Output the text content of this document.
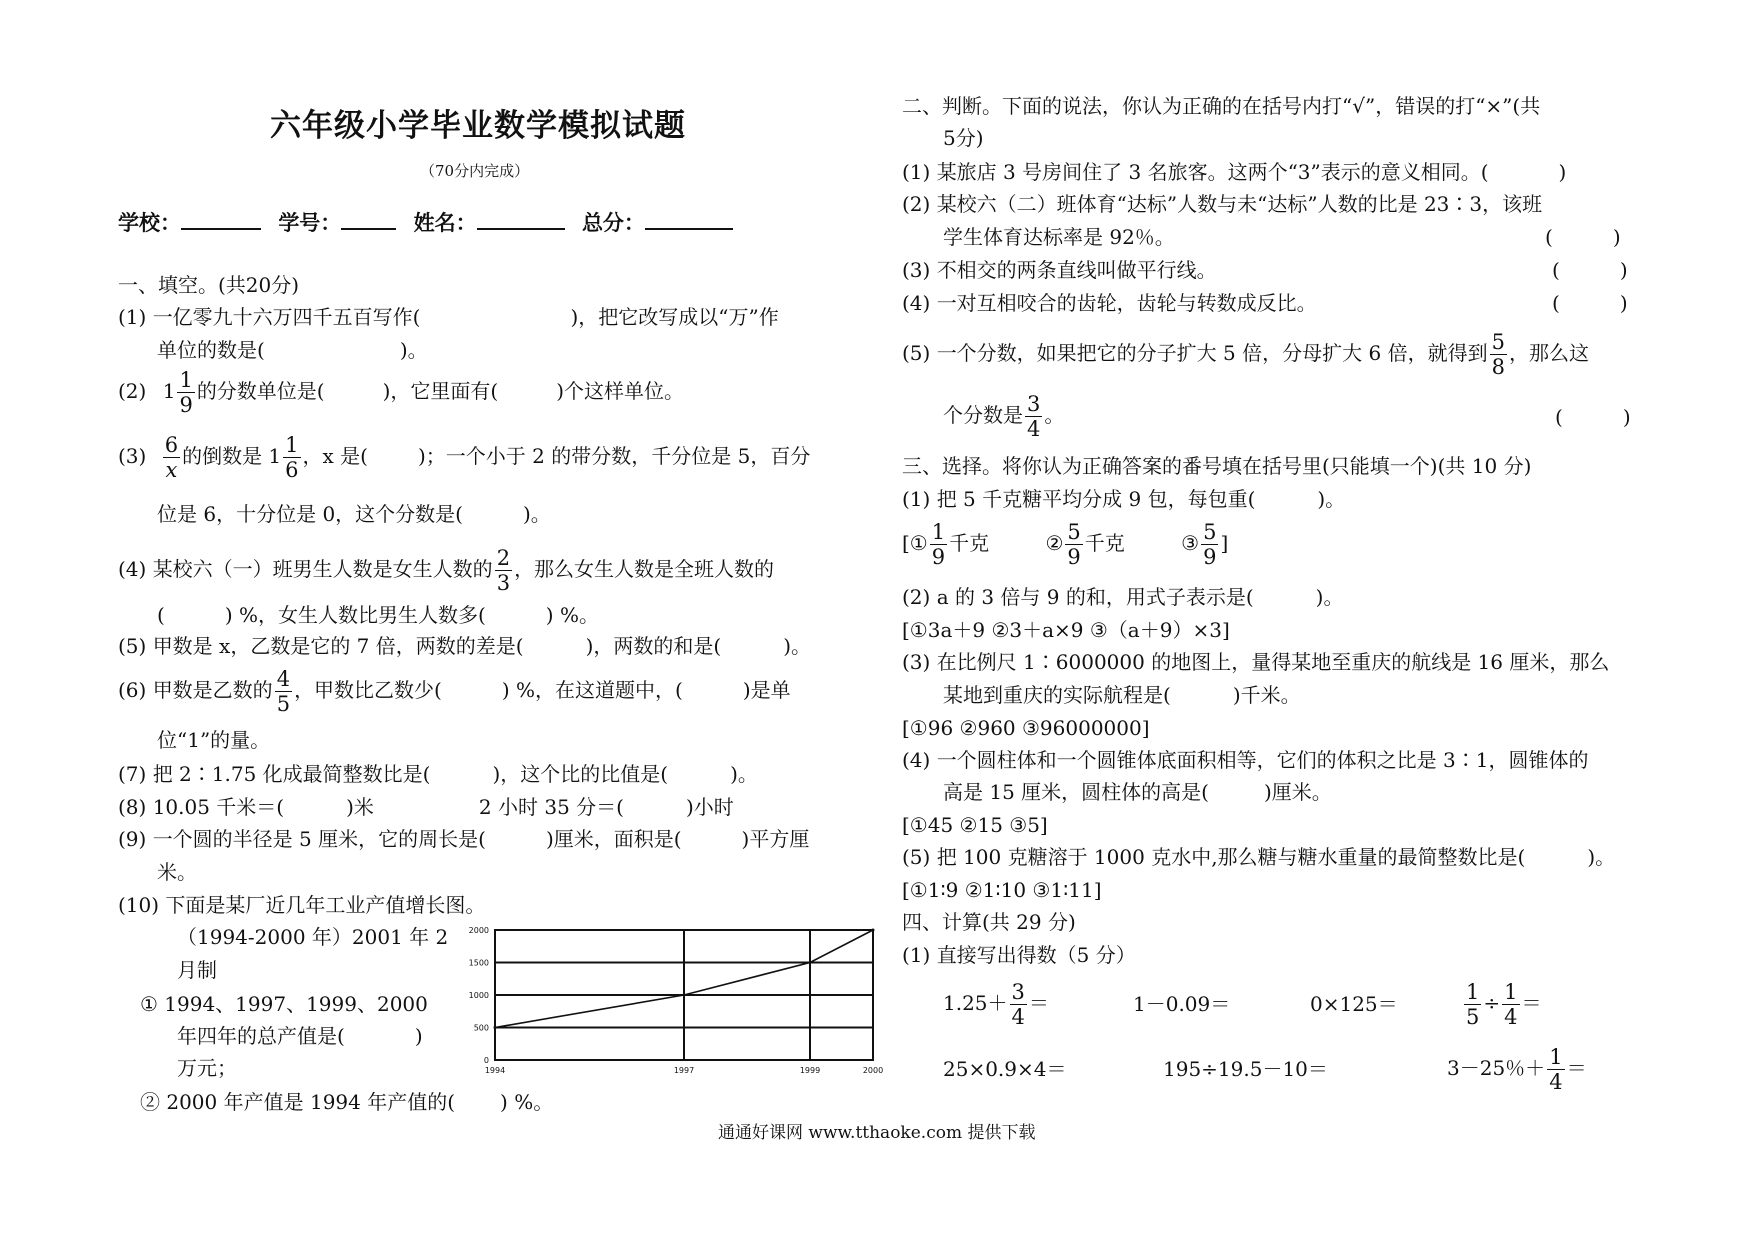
六年级小学毕业数学模拟试题
（70分内完成）
学校：	学号：	姓名：	总分：
一、填空。(共20分)
(1) 一亿零九十六万四千五百写作(	)，把它改写成以“万”作
单位的数是(	)。
(2) $1 \frac{1}{9}$ 的分数单位是(	)，它里面有(	)个这样单位。
$(3) \frac{6}{x}$ 的倒数是 $1 \frac{1}{6}$ ，x 是(	)；一个小于 2 的带分数，千分位是 5，百分
位是 6，十分位是 0，这个分数是(	)。
(4) 某校六（一）班男生人数是女生人数的 $\frac{2}{3}$ ，那么女生人数是全班人数的
(	) %，女生人数比男生人数多(	) %。
(5) 甲数是 x，乙数是它的 7 倍，两数的差是(	)，两数的和是(	)。
(6) 甲数是乙数的 $\frac{4}{5}$ ，甲数比乙数少(	) %，在这道题中，(	)是单
位“1”的量。
(7) 把 2∶1.75 化成最简整数比是(	)，这个比的比值是(	)。
(8) 10.05 千米＝(	)米	2 小时 35 分＝(	)小时
(9) 一个圆的半径是 5 厘米，它的周长是(	)厘米，面积是(	)平方厘
米。
(10) 下面是某厂近几年工业产值增长图。
（1994-2000 年）2001 年 2
月制
① 1994、1997、1999、2000
年四年的总产值是(	)
万元；
② 2000 年产值是 1994 年产值的( ) %。
0
500
1000
1500
2000
1994	1997	1999	2000
二、判断。下面的说法，你认为正确的在括号内打“√”，错误的打“×”(共
5分)
(1) 某旅店 3 号房间住了 3 名旅客。这两个“3”表示的意义相同。(	)
(2) 某校六（二）班体育“达标”人数与未“达标”人数的比是 23∶3，该班
学生体育达标率是 92％。	(	)
(3) 不相交的两条直线叫做平行线。	(	)
(4) 一对互相咬合的齿轮，齿轮与转数成反比。	(	)
(5) 一个分数，如果把它的分子扩大 5 倍，分母扩大 6 倍，就得到 $\frac{5}{8}$ ，那么这
个分数是 $\frac{3}{4}$ 。	(	)
三、选择。将你认为正确答案的番号填在括号里(只能填一个)(共 10 分)
(1) 把 5 千克糖平均分成 9 包，每包重(	)。
[① $\frac{1}{9}$ 千克	② $\frac{5}{9}$ 千克	③ $\frac{5}{9}$ ]
(2) a 的 3 倍与 9 的和，用式子表示是(	)。
[①3a＋9 ②3＋a×9 ③（a＋9）×3]
(3) 在比例尺 1∶6000000 的地图上，量得某地至重庆的航线是 16 厘米，那么
某地到重庆的实际航程是(	)千米。
[①96 ②960 ③96000000]
(4) 一个圆柱体和一个圆锥体底面积相等，它们的体积之比是 3∶1，圆锥体的
高是 15 厘米，圆柱体的高是(	)厘米。
[①45 ②15 ③5]
(5) 把 100 克糖溶于 1000 克水中,那么糖与糖水重量的最简整数比是(	)。
[①1∶9 ②1∶10 ③1∶11]
四、计算(共 29 分)
(1) 直接写出得数（5 分）
$1.25+ \frac{3}{4}$ ＝	1－0.09＝	0×125＝	$\frac{1}{5} \div \frac{1}{4}$ ＝
25×0.9×4＝	195÷19.5－10＝	3－25％＋ $\frac{1}{4}$ ＝
通通好课网 www.tthaoke.com 提供下载
